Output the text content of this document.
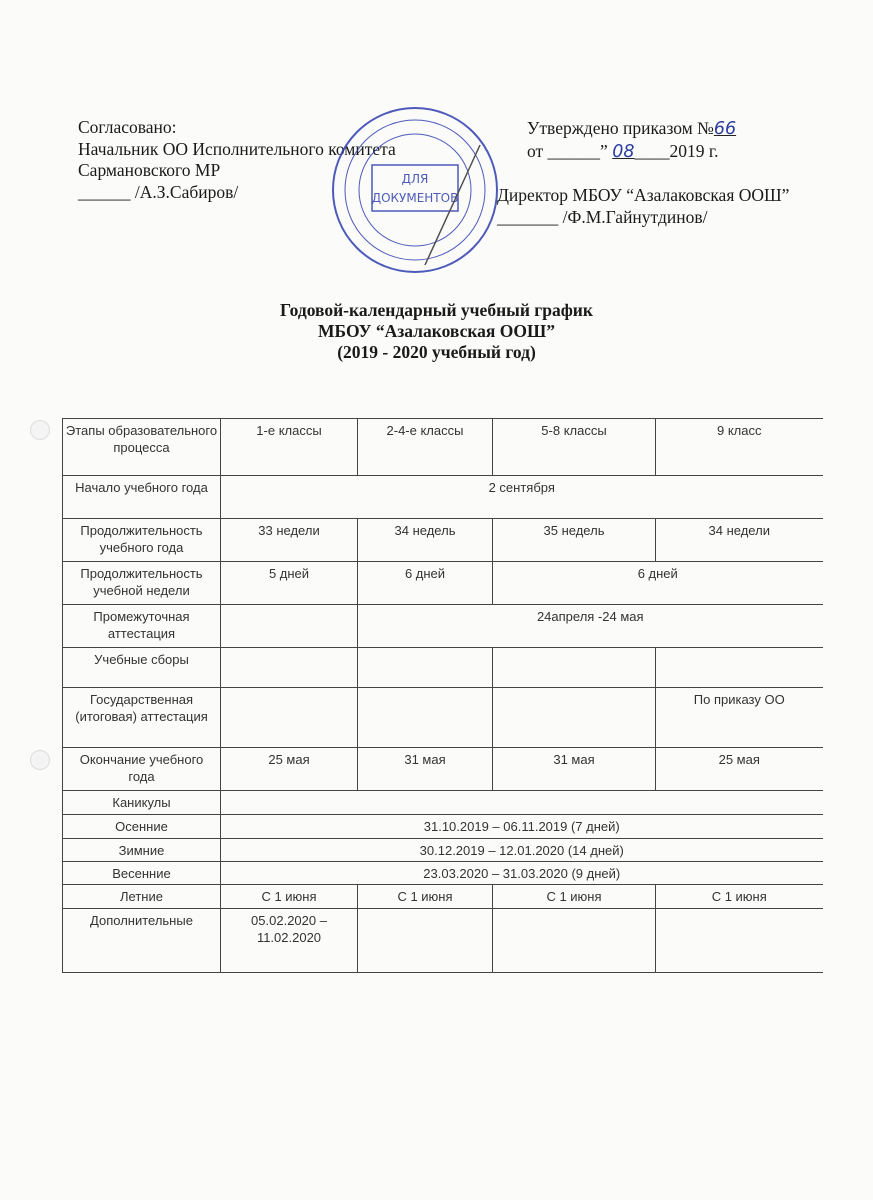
Согласовано:
Начальник ОО Исполнительного комитета
Сармановского МР
______ /А.З.Сабиров/
ДЛЯ
ДОКУМЕНТОВ
Утверждено приказом №66
от ______” 08____2019 г.
Директор МБОУ “Азалаковская ООШ”
_______ /Ф.М.Гайнутдинов/
Годовой-календарный учебный график
МБОУ “Азалаковская ООШ”
(2019 - 2020 учебный год)
Этапы образовательного процесса	1-е классы	2-4-е классы	5-8 классы	9 класс
Начало учебного года	2 сентября			
Продолжительность учебного года	33 недели	34 недель	35 недель	34 недели
Продолжительность учебной недели	5 дней	6 дней	6 дней	
Промежуточная аттестация		24апреля -24 мая		
Учебные сборы				
Государственная (итоговая) аттестация				По приказу ОО
Окончание учебного года	25 мая	31 мая	31 мая	25 мая
Каникулы				
Осенние	31.10.2019 – 06.11.2019 (7 дней)			
Зимние	30.12.2019 – 12.01.2020 (14 дней)			
Весенние	23.03.2020 – 31.03.2020 (9 дней)			
Летние	С 1 июня	С 1 июня	С 1 июня	С 1 июня
Дополнительные	05.02.2020 – 11.02.2020			
